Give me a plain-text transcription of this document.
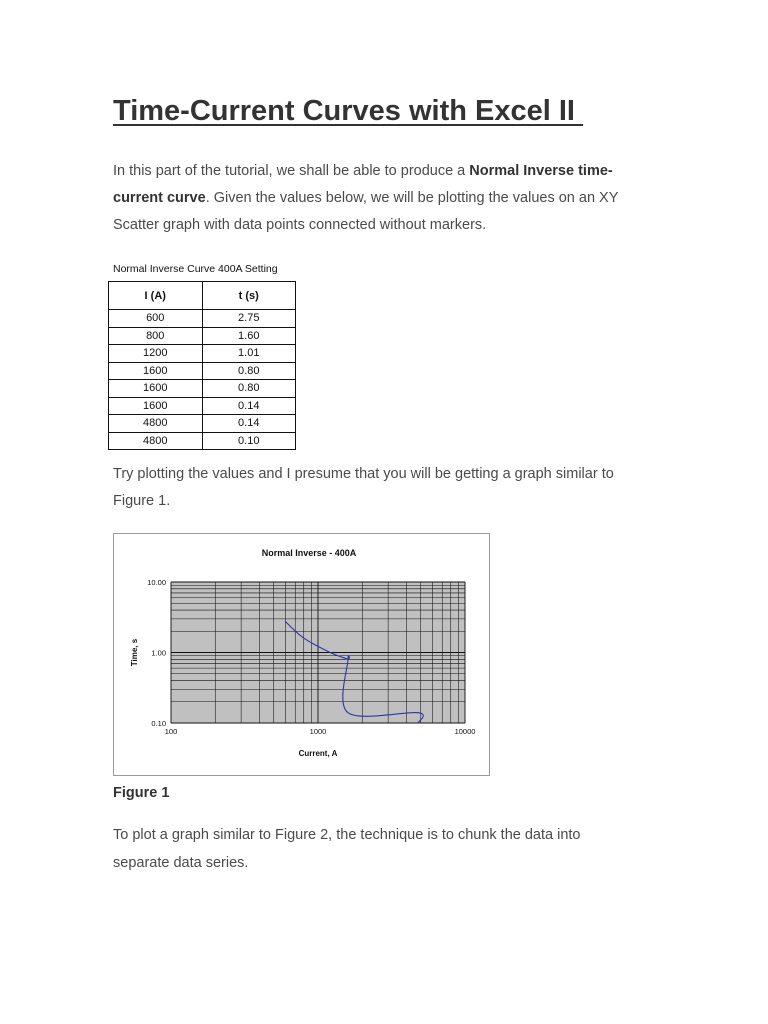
Time-Current Curves with Excel II
In this part of the tutorial, we shall be able to produce a Normal Inverse time-current curve. Given the values below, we will be plotting the values on an XY Scatter graph with data points connected without markers.
Normal Inverse Curve 400A Setting
I (A)	t (s)
600	2.75
800	1.60
1200	1.01
1600	0.80
1600	0.80
1600	0.14
4800	0.14
4800	0.10
Try plotting the values and I presume that you will be getting a graph similar to Figure 1.
Normal Inverse - 400A
100	1000	10000
10.00
1.00
0.10
Current, A
Time, s
Figure 1
To plot a graph similar to Figure 2, the technique is to chunk the data into separate data series.
